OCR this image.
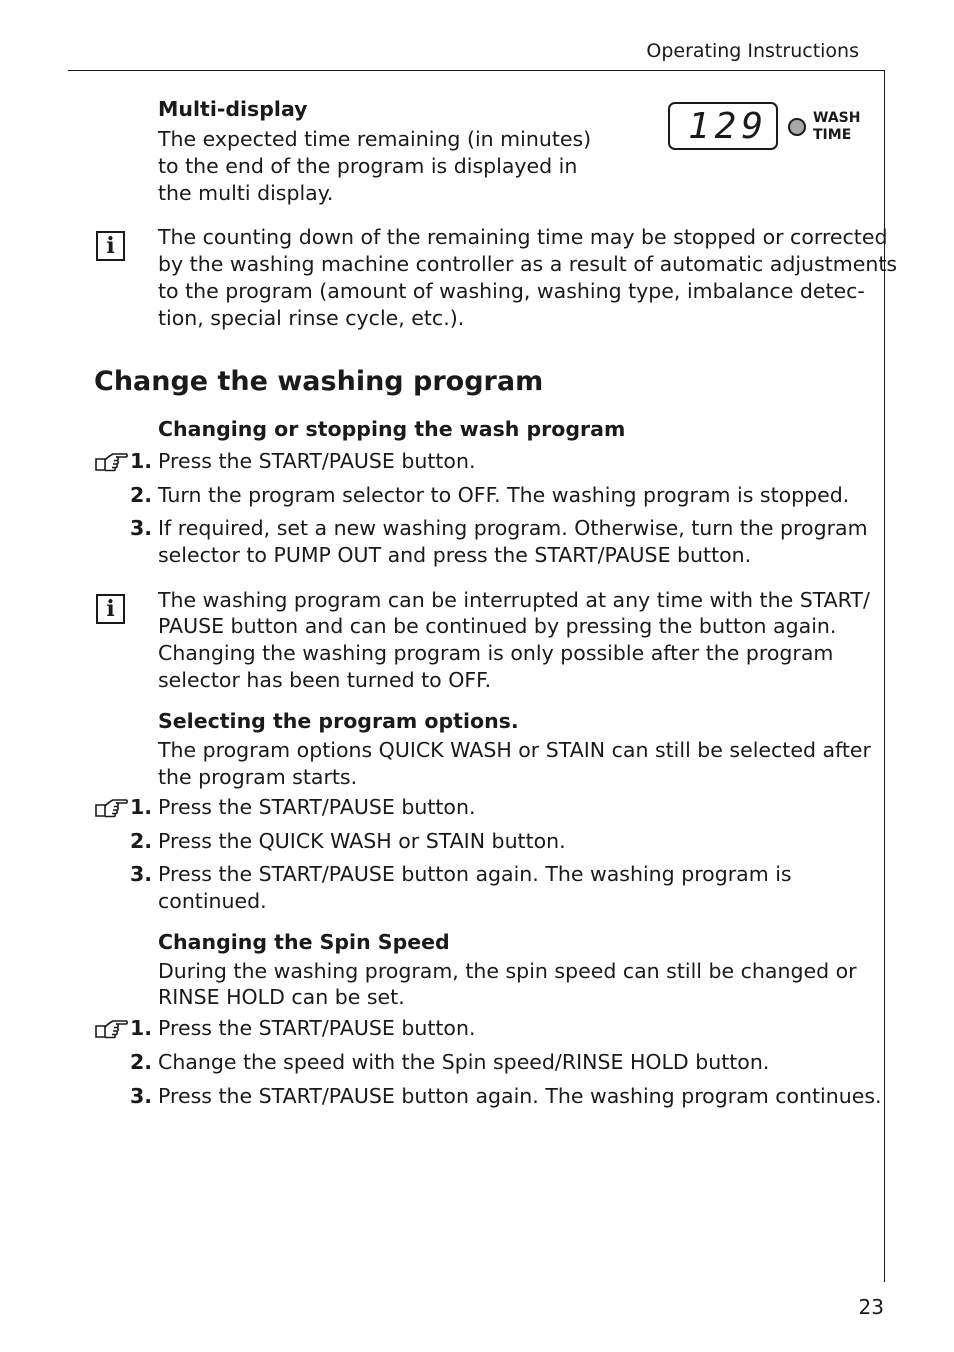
Operating Instructions
Multi-display
The expected time remaining (in minutes)
to the end of the program is displayed in
the multi display.
129	WASH
TIME
i	The counting down of the remaining time may be stopped or corrected
by the washing machine controller as a result of automatic adjustments
to the program (amount of washing, washing type, imbalance detec-
tion, special rinse cycle, etc.).
Change the washing program
Changing or stopping the wash program
1. Press the START/PAUSE button.
2. Turn the program selector to OFF. The washing program is stopped.
3. If required, set a new washing program. Otherwise, turn the program
selector to PUMP OUT and press the START/PAUSE button.
i	The washing program can be interrupted at any time with the START/
PAUSE button and can be continued by pressing the button again.
Changing the washing program is only possible after the program
selector has been turned to OFF.
Selecting the program options.
The program options QUICK WASH or STAIN can still be selected after
the program starts.
1. Press the START/PAUSE button.
2. Press the QUICK WASH or STAIN button.
3. Press the START/PAUSE button again. The washing program is
continued.
Changing the Spin Speed
During the washing program, the spin speed can still be changed or
RINSE HOLD can be set.
1. Press the START/PAUSE button.
2. Change the speed with the Spin speed/RINSE HOLD button.
3. Press the START/PAUSE button again. The washing program continues.
23
